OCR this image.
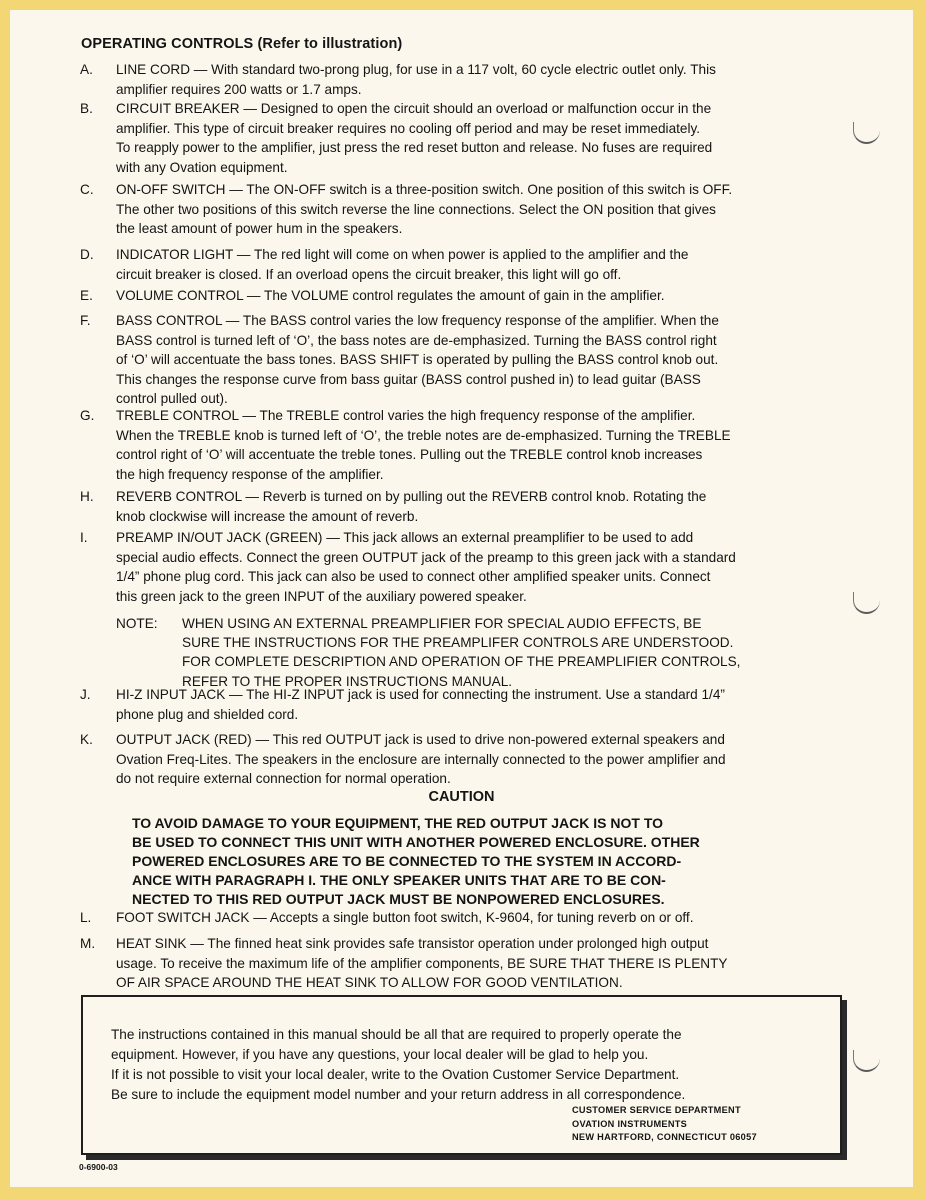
OPERATING CONTROLS (Refer to illustration)
A.	LINE CORD — With standard two-prong plug, for use in a 117 volt, 60 cycle electric outlet only. This
amplifier requires 200 watts or 1.7 amps.
B.	CIRCUIT BREAKER — Designed to open the circuit should an overload or malfunction occur in the
amplifier. This type of circuit breaker requires no cooling off period and may be reset immediately.
To reapply power to the amplifier, just press the red reset button and release. No fuses are required
with any Ovation equipment.
C.	ON-OFF SWITCH — The ON-OFF switch is a three-position switch. One position of this switch is OFF.
The other two positions of this switch reverse the line connections. Select the ON position that gives
the least amount of power hum in the speakers.
D.	INDICATOR LIGHT — The red light will come on when power is applied to the amplifier and the
circuit breaker is closed. If an overload opens the circuit breaker, this light will go off.
E.	VOLUME CONTROL — The VOLUME control regulates the amount of gain in the amplifier.
F.	BASS CONTROL — The BASS control varies the low frequency response of the amplifier. When the
BASS control is turned left of ‘O’, the bass notes are de-emphasized. Turning the BASS control right
of ‘O’ will accentuate the bass tones. BASS SHIFT is operated by pulling the BASS control knob out.
This changes the response curve from bass guitar (BASS control pushed in) to lead guitar (BASS
control pulled out).
G.	TREBLE CONTROL — The TREBLE control varies the high frequency response of the amplifier.
When the TREBLE knob is turned left of ‘O’, the treble notes are de-emphasized. Turning the TREBLE
control right of ‘O’ will accentuate the treble tones. Pulling out the TREBLE control knob increases
the high frequency response of the amplifier.
H.	REVERB CONTROL — Reverb is turned on by pulling out the REVERB control knob. Rotating the
knob clockwise will increase the amount of reverb.
I.	PREAMP IN/OUT JACK (GREEN) — This jack allows an external preamplifier to be used to add
special audio effects. Connect the green OUTPUT jack of the preamp to this green jack with a standard
1/4” phone plug cord. This jack can also be used to connect other amplified speaker units. Connect
this green jack to the green INPUT of the auxiliary powered speaker.
J.	HI-Z INPUT JACK — The HI-Z INPUT jack is used for connecting the instrument. Use a standard 1/4”
phone plug and shielded cord.
K.	OUTPUT JACK (RED) — This red OUTPUT jack is used to drive non-powered external speakers and
Ovation Freq-Lites. The speakers in the enclosure are internally connected to the power amplifier and
do not require external connection for normal operation.
L.	FOOT SWITCH JACK — Accepts a single button foot switch, K-9604, for tuning reverb on or off.
M.	HEAT SINK — The finned heat sink provides safe transistor operation under prolonged high output
usage. To receive the maximum life of the amplifier components, BE SURE THAT THERE IS PLENTY
OF AIR SPACE AROUND THE HEAT SINK TO ALLOW FOR GOOD VENTILATION.
NOTE: WHEN USING AN EXTERNAL PREAMPLIFIER FOR SPECIAL AUDIO EFFECTS, BE
SURE THE INSTRUCTIONS FOR THE PREAMPLIFER CONTROLS ARE UNDERSTOOD.
FOR COMPLETE DESCRIPTION AND OPERATION OF THE PREAMPLIFIER CONTROLS,
REFER TO THE PROPER INSTRUCTIONS MANUAL.
CAUTION
TO AVOID DAMAGE TO YOUR EQUIPMENT, THE RED OUTPUT JACK IS NOT TO
BE USED TO CONNECT THIS UNIT WITH ANOTHER POWERED ENCLOSURE. OTHER
POWERED ENCLOSURES ARE TO BE CONNECTED TO THE SYSTEM IN ACCORD-
ANCE WITH PARAGRAPH I. THE ONLY SPEAKER UNITS THAT ARE TO BE CON-
NECTED TO THIS RED OUTPUT JACK MUST BE NONPOWERED ENCLOSURES.
The instructions contained in this manual should be all that are required to properly operate the
equipment. However, if you have any questions, your local dealer will be glad to help you.
If it is not possible to visit your local dealer, write to the Ovation Customer Service Department.
Be sure to include the equipment model number and your return address in all correspondence.
CUSTOMER SERVICE DEPARTMENT
OVATION INSTRUMENTS
NEW HARTFORD, CONNECTICUT 06057
0-6900-03
